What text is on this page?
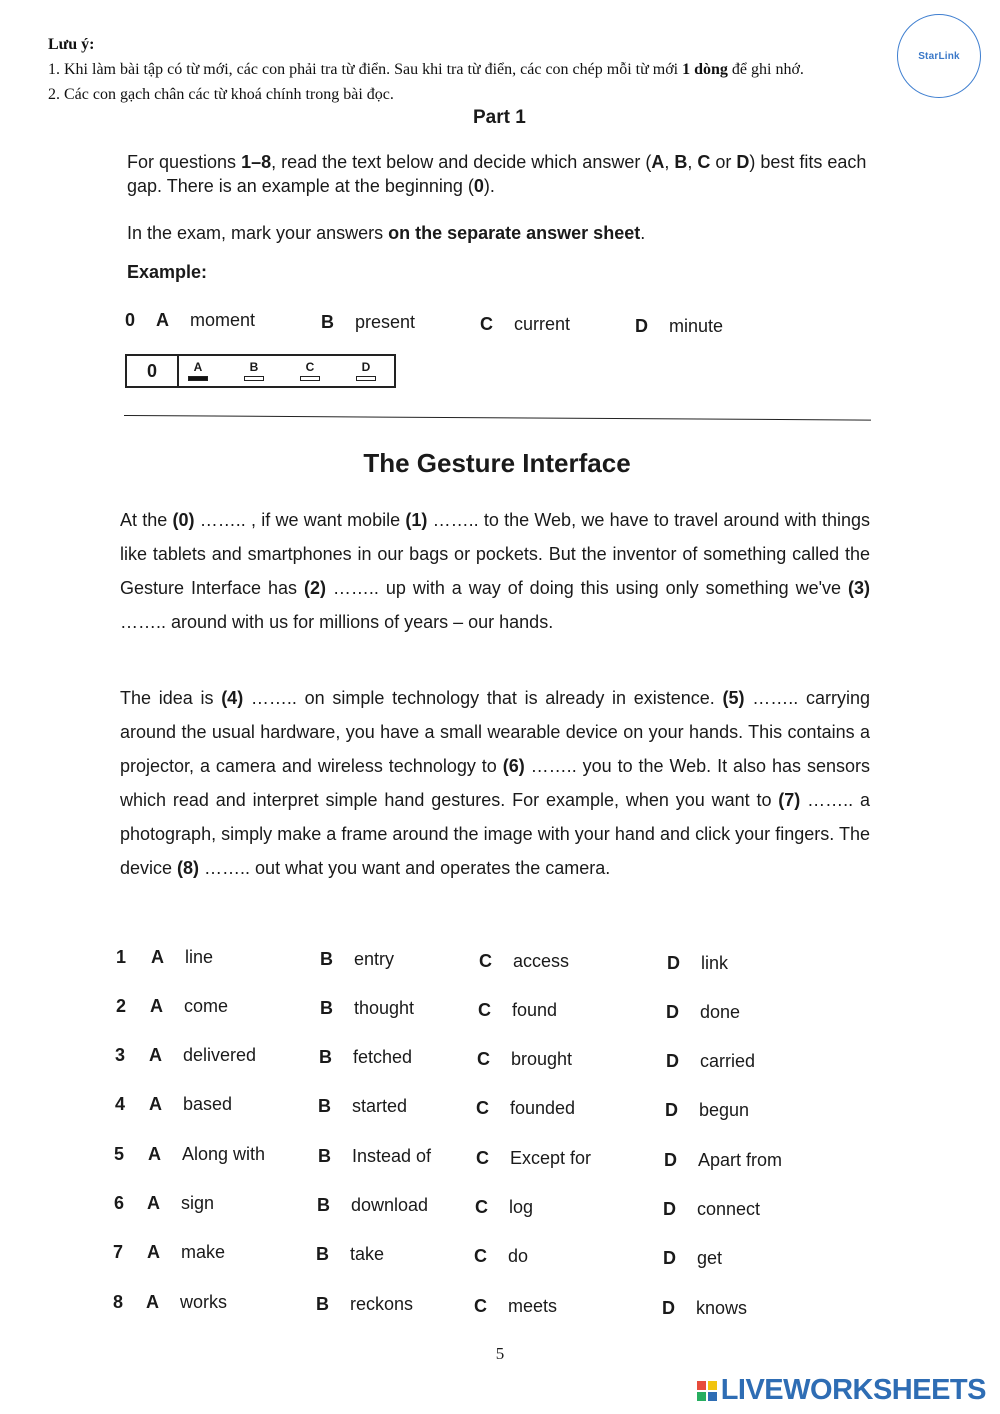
Lưu ý:
1. Khi làm bài tập có từ mới, các con phải tra từ điển. Sau khi tra từ điển, các con chép mỗi từ mới 1 dòng để ghi nhớ.
2. Các con gạch chân các từ khoá chính trong bài đọc.
StarLink
Part 1
For questions 1–8, read the text below and decide which answer (A, B, C or D) best fits each gap. There is an example at the beginning (0).
In the exam, mark your answers on the separate answer sheet.
Example:
0 A moment	B present	C current	D minute
0	A	B	C	D
The Gesture Interface
At the (0) …….. , if we want mobile (1) …….. to the Web, we have to travel around with things like tablets and smartphones in our bags or pockets. But the inventor of something called the Gesture Interface has (2) …….. up with a way of doing this using only something we've (3) …….. around with us for millions of years – our hands.
The idea is (4) …….. on simple technology that is already in existence. (5) …….. carrying around the usual hardware, you have a small wearable device on your hands. This contains a projector, a camera and wireless technology to (6) …….. you to the Web. It also has sensors which read and interpret simple hand gestures. For example, when you want to (7) …….. a photograph, simply make a frame around the image with your hand and click your fingers. The device (8) …….. out what you want and operates the camera.
1 A line	B entry	C access	D link
2 A come	B thought	C found	D done
3 A delivered	B fetched	C brought	D carried
4 A based	B started	C founded	D begun
5 A Along with	B Instead of C Except for	D Apart from
6 A sign	B download	C log	D connect
7 A make	B take	C do	D get
8 A works	B reckons	C meets	D knows
5
LIVEWORKSHEETS
